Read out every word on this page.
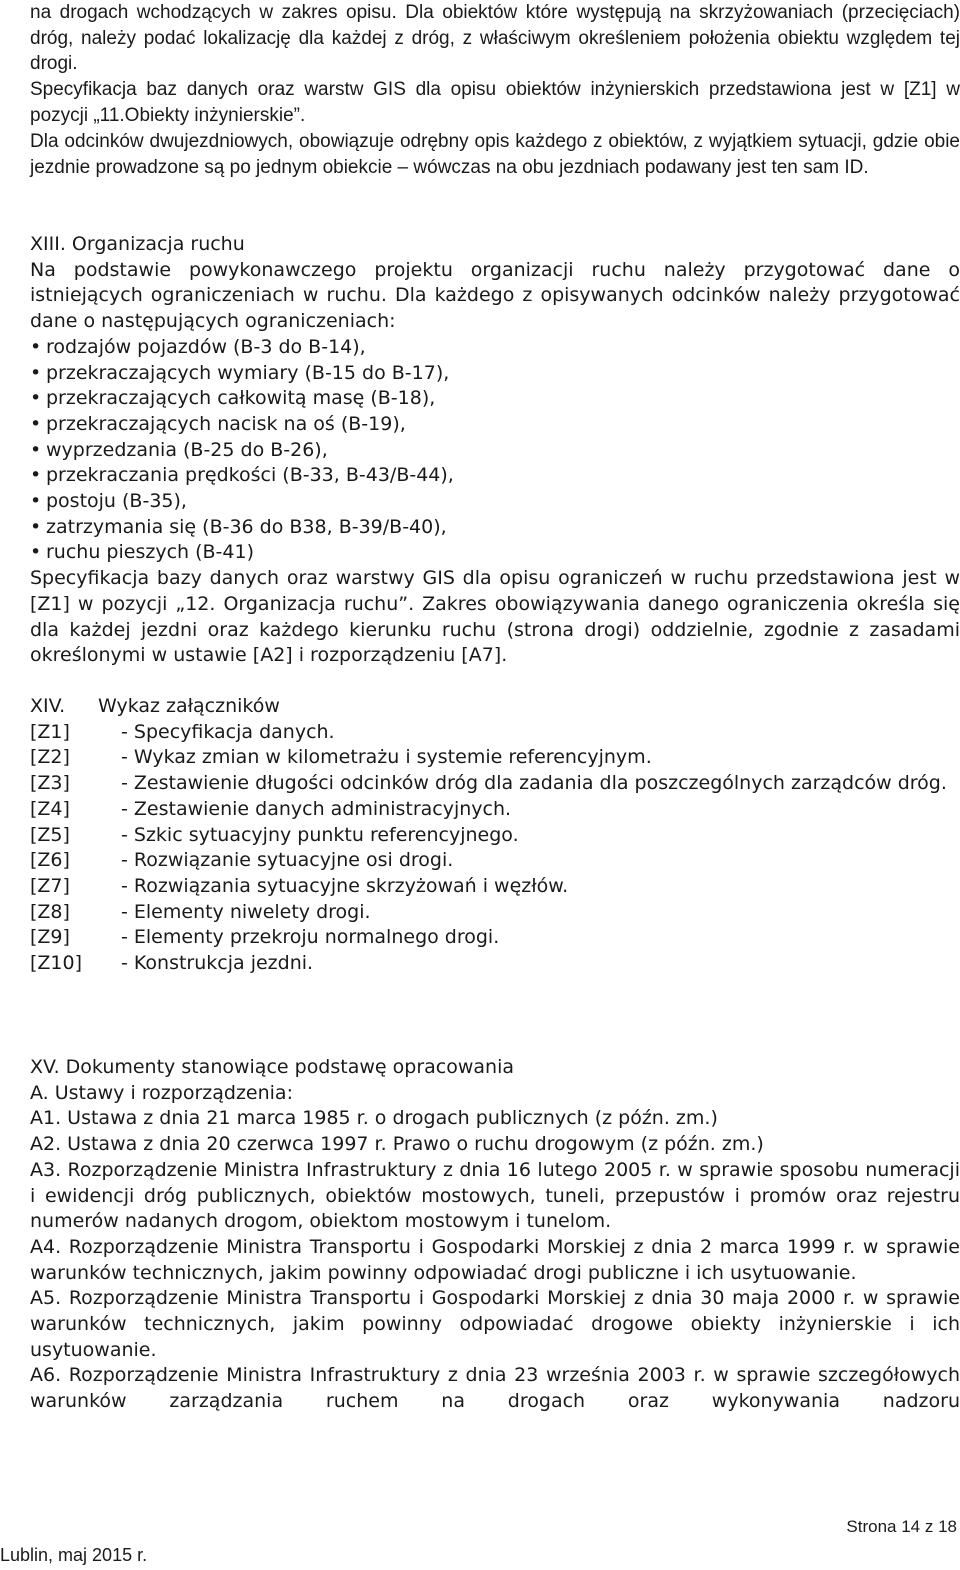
na drogach wchodzących w zakres opisu. Dla obiektów które występują na skrzyżowaniach (przecięciach) dróg, należy podać lokalizację dla każdej z dróg, z właściwym określeniem położenia obiektu względem tej drogi.

Specyfikacja baz danych oraz warstw GIS dla opisu obiektów inżynierskich przedstawiona jest w [Z1] w pozycji „11.Obiekty inżynierskie”.

Dla odcinków dwujezdniowych, obowiązuje odrębny opis każdego z obiektów, z wyjątkiem sytuacji, gdzie obie jezdnie prowadzone są po jednym obiekcie – wówczas na obu jezdniach podawany jest ten sam ID.

XIII. Organizacja ruchu

Na podstawie powykonawczego projektu organizacji ruchu należy przygotować dane o istniejących ograniczeniach w ruchu. Dla każdego z opisywanych odcinków należy przygotować dane o następujących ograniczeniach:

• rodzajów pojazdów (B-3 do B-14),
• przekraczających wymiary (B-15 do B-17),
• przekraczających całkowitą masę (B-18),
• przekraczających nacisk na oś (B-19),
• wyprzedzania (B-25 do B-26),
• przekraczania prędkości (B-33, B-43/B-44),
• postoju (B-35),
• zatrzymania się (B-36 do B38, B-39/B-40),
• ruchu pieszych (B-41)

Specyfikacja bazy danych oraz warstwy GIS dla opisu ograniczeń w ruchu przedstawiona jest w [Z1] w pozycji „12. Organizacja ruchu”. Zakres obowiązywania danego ograniczenia określa się dla każdej jezdni oraz każdego kierunku ruchu (strona drogi) oddzielnie, zgodnie z zasadami określonymi w ustawie [A2] i rozporządzeniu [A7].

XIV.	Wykaz załączników
[Z1]	- Specyfikacja danych.
[Z2]	- Wykaz zmian w kilometrażu i systemie referencyjnym.
[Z3]	- Zestawienie długości odcinków dróg dla zadania dla poszczególnych zarządców dróg.
[Z4]	- Zestawienie danych administracyjnych.
[Z5]	- Szkic sytuacyjny punktu referencyjnego.
[Z6]	- Rozwiązanie sytuacyjne osi drogi.
[Z7]	- Rozwiązania sytuacyjne skrzyżowań i węzłów.
[Z8]	- Elementy niwelety drogi.
[Z9]	- Elementy przekroju normalnego drogi.
[Z10]	- Konstrukcja jezdni.

XV. Dokumenty stanowiące podstawę opracowania

A. Ustawy i rozporządzenia:

A1. Ustawa z dnia 21 marca 1985 r. o drogach publicznych (z późn. zm.)

A2. Ustawa z dnia 20 czerwca 1997 r. Prawo o ruchu drogowym (z późn. zm.)

A3. Rozporządzenie Ministra Infrastruktury z dnia 16 lutego 2005 r. w sprawie sposobu numeracji i ewidencji dróg publicznych, obiektów mostowych, tuneli, przepustów i promów oraz rejestru numerów nadanych drogom, obiektom mostowym i tunelom.

A4. Rozporządzenie Ministra Transportu i Gospodarki Morskiej z dnia 2 marca 1999 r. w sprawie warunków technicznych, jakim powinny odpowiadać drogi publiczne i ich usytuowanie.

A5. Rozporządzenie Ministra Transportu i Gospodarki Morskiej z dnia 30 maja 2000 r. w sprawie warunków technicznych, jakim powinny odpowiadać drogowe obiekty inżynierskie i ich usytuowanie.

A6. Rozporządzenie Ministra Infrastruktury z dnia 23 września 2003 r. w sprawie szczegółowych warunków zarządzania ruchem na drogach oraz wykonywania nadzoru

Strona 14 z 18
Lublin, maj 2015 r.
